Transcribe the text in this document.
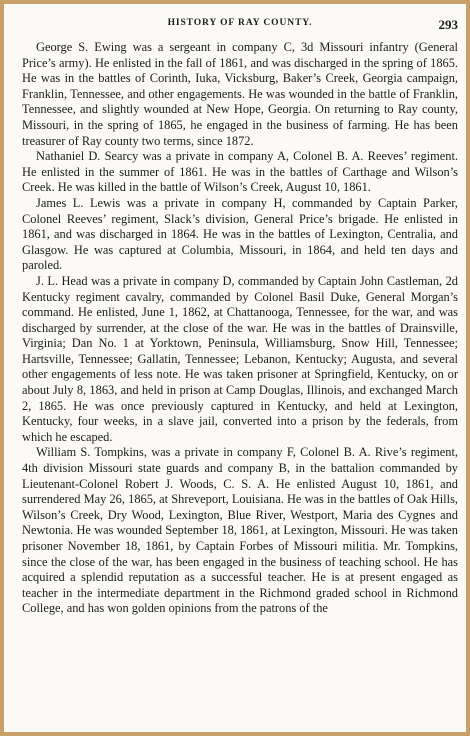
HISTORY OF RAY COUNTY.	293

George S. Ewing was a sergeant in company C, 3d Missouri infantry (General Price’s army). He enlisted in the fall of 1861, and was discharged in the spring of 1865. He was in the battles of Corinth, Iuka, Vicksburg, Baker’s Creek, Georgia campaign, Franklin, Tennessee, and other engagements. He was wounded in the battle of Franklin, Tennessee, and slightly wounded at New Hope, Georgia. On returning to Ray county, Missouri, in the spring of 1865, he engaged in the business of farming. He has been treasurer of Ray county two terms, since 1872.

Nathaniel D. Searcy was a private in company A, Colonel B. A. Reeves’ regiment. He enlisted in the summer of 1861. He was in the battles of Carthage and Wilson’s Creek. He was killed in the battle of Wilson’s Creek, August 10, 1861.

James L. Lewis was a private in company H, commanded by Captain Parker, Colonel Reeves’ regiment, Slack’s division, General Price’s brigade. He enlisted in 1861, and was discharged in 1864. He was in the battles of Lexington, Centralia, and Glasgow. He was captured at Columbia, Missouri, in 1864, and held ten days and paroled.

J. L. Head was a private in company D, commanded by Captain John Castleman, 2d Kentucky regiment cavalry, commanded by Colonel Basil Duke, General Morgan’s command. He enlisted, June 1, 1862, at Chattanooga, Tennessee, for the war, and was discharged by surrender, at the close of the war. He was in the battles of Drainsville, Virginia; Dan No. 1 at Yorktown, Peninsula, Williamsburg, Snow Hill, Tennessee; Hartsville, Tennessee; Gallatin, Tennessee; Lebanon, Kentucky; Augusta, and several other engagements of less note. He was taken prisoner at Springfield, Kentucky, on or about July 8, 1863, and held in prison at Camp Douglas, Illinois, and exchanged March 2, 1865. He was once previously captured in Kentucky, and held at Lexington, Kentucky, four weeks, in a slave jail, converted into a prison by the federals, from which he escaped.

William S. Tompkins, was a private in company F, Colonel B. A. Rive’s regiment, 4th division Missouri state guards and company B, in the battalion commanded by Lieutenant-Colonel Robert J. Woods, C. S. A. He enlisted August 10, 1861, and surrendered May 26, 1865, at Shreveport, Louisiana. He was in the battles of Oak Hills, Wilson’s Creek, Dry Wood, Lexington, Blue River, Westport, Maria des Cygnes and Newtonia. He was wounded September 18, 1861, at Lexington, Missouri. He was taken prisoner November 18, 1861, by Captain Forbes of Missouri militia. Mr. Tompkins, since the close of the war, has been engaged in the business of teaching school. He has acquired a splendid reputation as a successful teacher. He is at present engaged as teacher in the intermediate department in the Richmond graded school in Richmond College, and has won golden opinions from the patrons of the
